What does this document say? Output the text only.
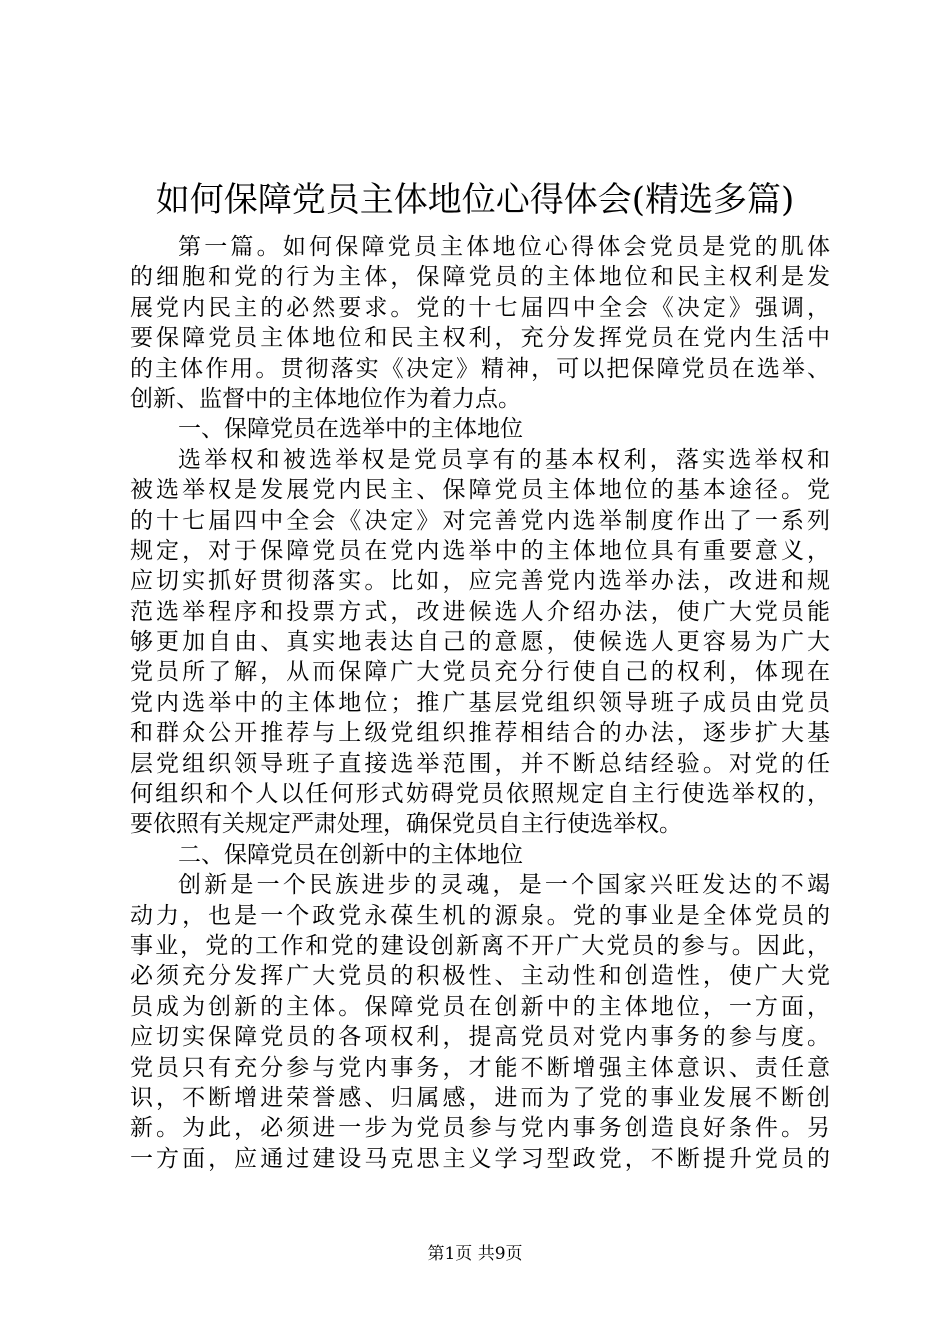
如何保障党员主体地位心得体会(精选多篇)
第一篇。如何保障党员主体地位心得体会党员是党的肌体
的细胞和党的行为主体，保障党员的主体地位和民主权利是发
展党内民主的必然要求。党的十七届四中全会《决定》强调，
要保障党员主体地位和民主权利，充分发挥党员在党内生活中
的主体作用。贯彻落实《决定》精神，可以把保障党员在选举、
创新、监督中的主体地位作为着力点。
一、保障党员在选举中的主体地位
选举权和被选举权是党员享有的基本权利，落实选举权和
被选举权是发展党内民主、保障党员主体地位的基本途径。党
的十七届四中全会《决定》对完善党内选举制度作出了一系列
规定，对于保障党员在党内选举中的主体地位具有重要意义，
应切实抓好贯彻落实。比如，应完善党内选举办法，改进和规
范选举程序和投票方式，改进候选人介绍办法，使广大党员能
够更加自由、真实地表达自己的意愿，使候选人更容易为广大
党员所了解，从而保障广大党员充分行使自己的权利，体现在
党内选举中的主体地位；推广基层党组织领导班子成员由党员
和群众公开推荐与上级党组织推荐相结合的办法，逐步扩大基
层党组织领导班子直接选举范围，并不断总结经验。对党的任
何组织和个人以任何形式妨碍党员依照规定自主行使选举权的，
要依照有关规定严肃处理，确保党员自主行使选举权。
二、保障党员在创新中的主体地位
创新是一个民族进步的灵魂，是一个国家兴旺发达的不竭
动力，也是一个政党永葆生机的源泉。党的事业是全体党员的
事业，党的工作和党的建设创新离不开广大党员的参与。因此，
必须充分发挥广大党员的积极性、主动性和创造性，使广大党
员成为创新的主体。保障党员在创新中的主体地位，一方面，
应切实保障党员的各项权利，提高党员对党内事务的参与度。
党员只有充分参与党内事务，才能不断增强主体意识、责任意
识，不断增进荣誉感、归属感，进而为了党的事业发展不断创
新。为此，必须进一步为党员参与党内事务创造良好条件。另
一方面，应通过建设马克思主义学习型政党，不断提升党员的
第1页 共9页
